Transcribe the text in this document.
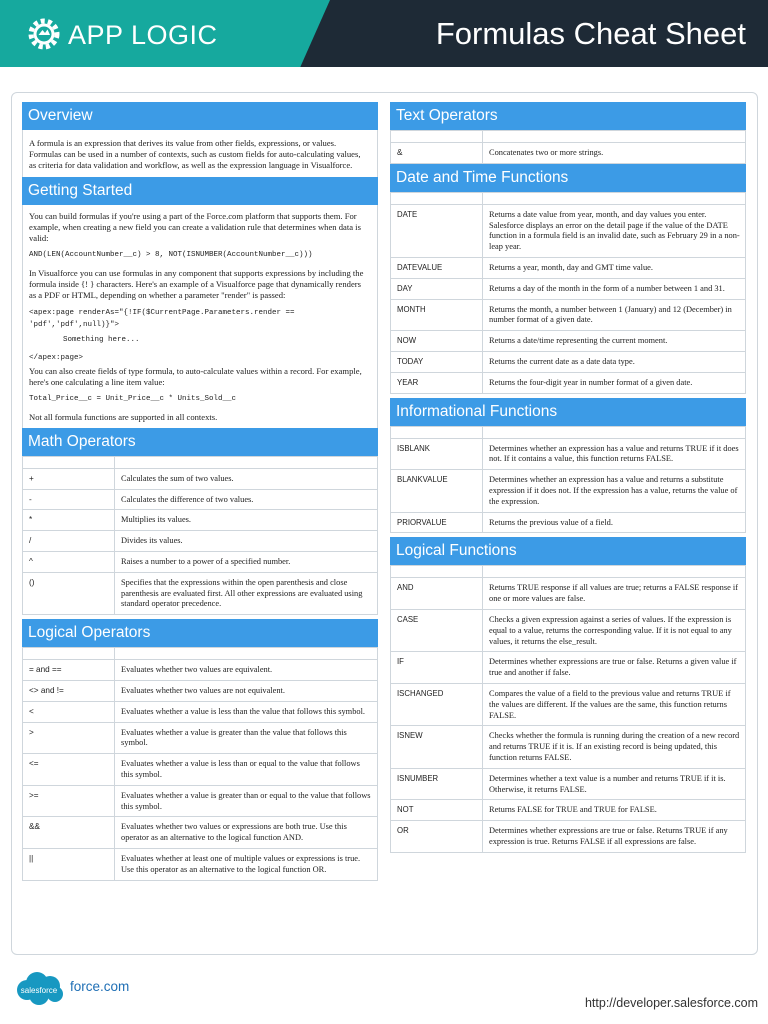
APP LOGIC	Formulas Cheat Sheet
Overview

A formula is an expression that derives its value from other fields, expressions, or values. Formulas can be used in a number of contexts, such as custom fields for auto-calculating values, as criteria for data validation and workflow, as well as the expression language in Visualforce.

Getting Started

You can build formulas if you're using a part of the Force.com platform that supports them. For example, when creating a new field you can create a validation rule that determines when data is valid:

AND(LEN(AccountNumber__c) > 8, NOT(ISNUMBER(AccountNumber__c)))

In Visualforce you can use formulas in any component that supports expressions by including the formula inside {! } characters. Here's an example of a Visualforce page that dynamically renders as a PDF or HTML, depending on whether a parameter "render" is passed:

<apex:page renderAs="{!IF($CurrentPage.Parameters.render ==
'pdf','pdf',null)}">
Something here...
</apex:page>

You can also create fields of type formula, to auto-calculate values within a record. For example, here's one calculating a line item value:

Total_Price__c = Unit_Price__c * Units_Sold__c

Not all formula functions are supported in all contexts.

Math Operators

+	Calculates the sum of two values.
-	Calculates the difference of two values.
*	Multiplies its values.
/	Divides its values.
^	Raises a number to a power of a specified number.
()	Specifies that the expressions within the open parenthesis and close parenthesis are evaluated first. All other expressions are evaluated using standard operator precedence.
Logical Operators

= and ==	Evaluates whether two values are equivalent.
<> and !=	Evaluates whether two values are not equivalent.
<	Evaluates whether a value is less than the value that follows this symbol.
>	Evaluates whether a value is greater than the value that follows this symbol.
<=	Evaluates whether a value is less than or equal to the value that follows this symbol.
>=	Evaluates whether a value is greater than or equal to the value that follows this symbol.
&&	Evaluates whether two values or expressions are both true. Use this operator as an alternative to the logical function AND.
||	Evaluates whether at least one of multiple values or expressions is true. Use this operator as an alternative to the logical function OR.
Text Operators

&	Concatenates two or more strings.
Date and Time Functions

DATE	Returns a date value from year, month, and day values you enter. Salesforce displays an error on the detail page if the value of the DATE function in a formula field is an invalid date, such as February 29 in a non-leap year.
DATEVALUE	Returns a year, month, day and GMT time value.
DAY	Returns a day of the month in the form of a number between 1 and 31.
MONTH	Returns the month, a number between 1 (January) and 12 (December) in number format of a given date.
NOW	Returns a date/time representing the current moment.
TODAY	Returns the current date as a date data type.
YEAR	Returns the four-digit year in number format of a given date.
Informational Functions

ISBLANK	Determines whether an expression has a value and returns TRUE if it does not. If it contains a value, this function returns FALSE.
BLANKVALUE	Determines whether an expression has a value and returns a substitute expression if it does not. If the expression has a value, returns the value of the expression.
PRIORVALUE	Returns the previous value of a field.
Logical Functions

AND	Returns TRUE response if all values are true; returns a FALSE response if one or more values are false.
CASE	Checks a given expression against a series of values. If the expression is equal to a value, returns the corresponding value. If it is not equal to any values, it returns the else_result.
IF	Determines whether expressions are true or false. Returns a given value if true and another if false.
ISCHANGED	Compares the value of a field to the previous value and returns TRUE if the values are different. If the values are the same, this function returns FALSE.
ISNEW	Checks whether the formula is running during the creation of a new record and returns TRUE if it is. If an existing record is being updated, this function returns FALSE.
ISNUMBER	Determines whether a text value is a number and returns TRUE if it is. Otherwise, it returns FALSE.
NOT	Returns FALSE for TRUE and TRUE for FALSE.
OR	Determines whether expressions are true or false. Returns TRUE if any expression is true. Returns FALSE if all expressions are false.
salesforce force.com
http://developer.salesforce.com
